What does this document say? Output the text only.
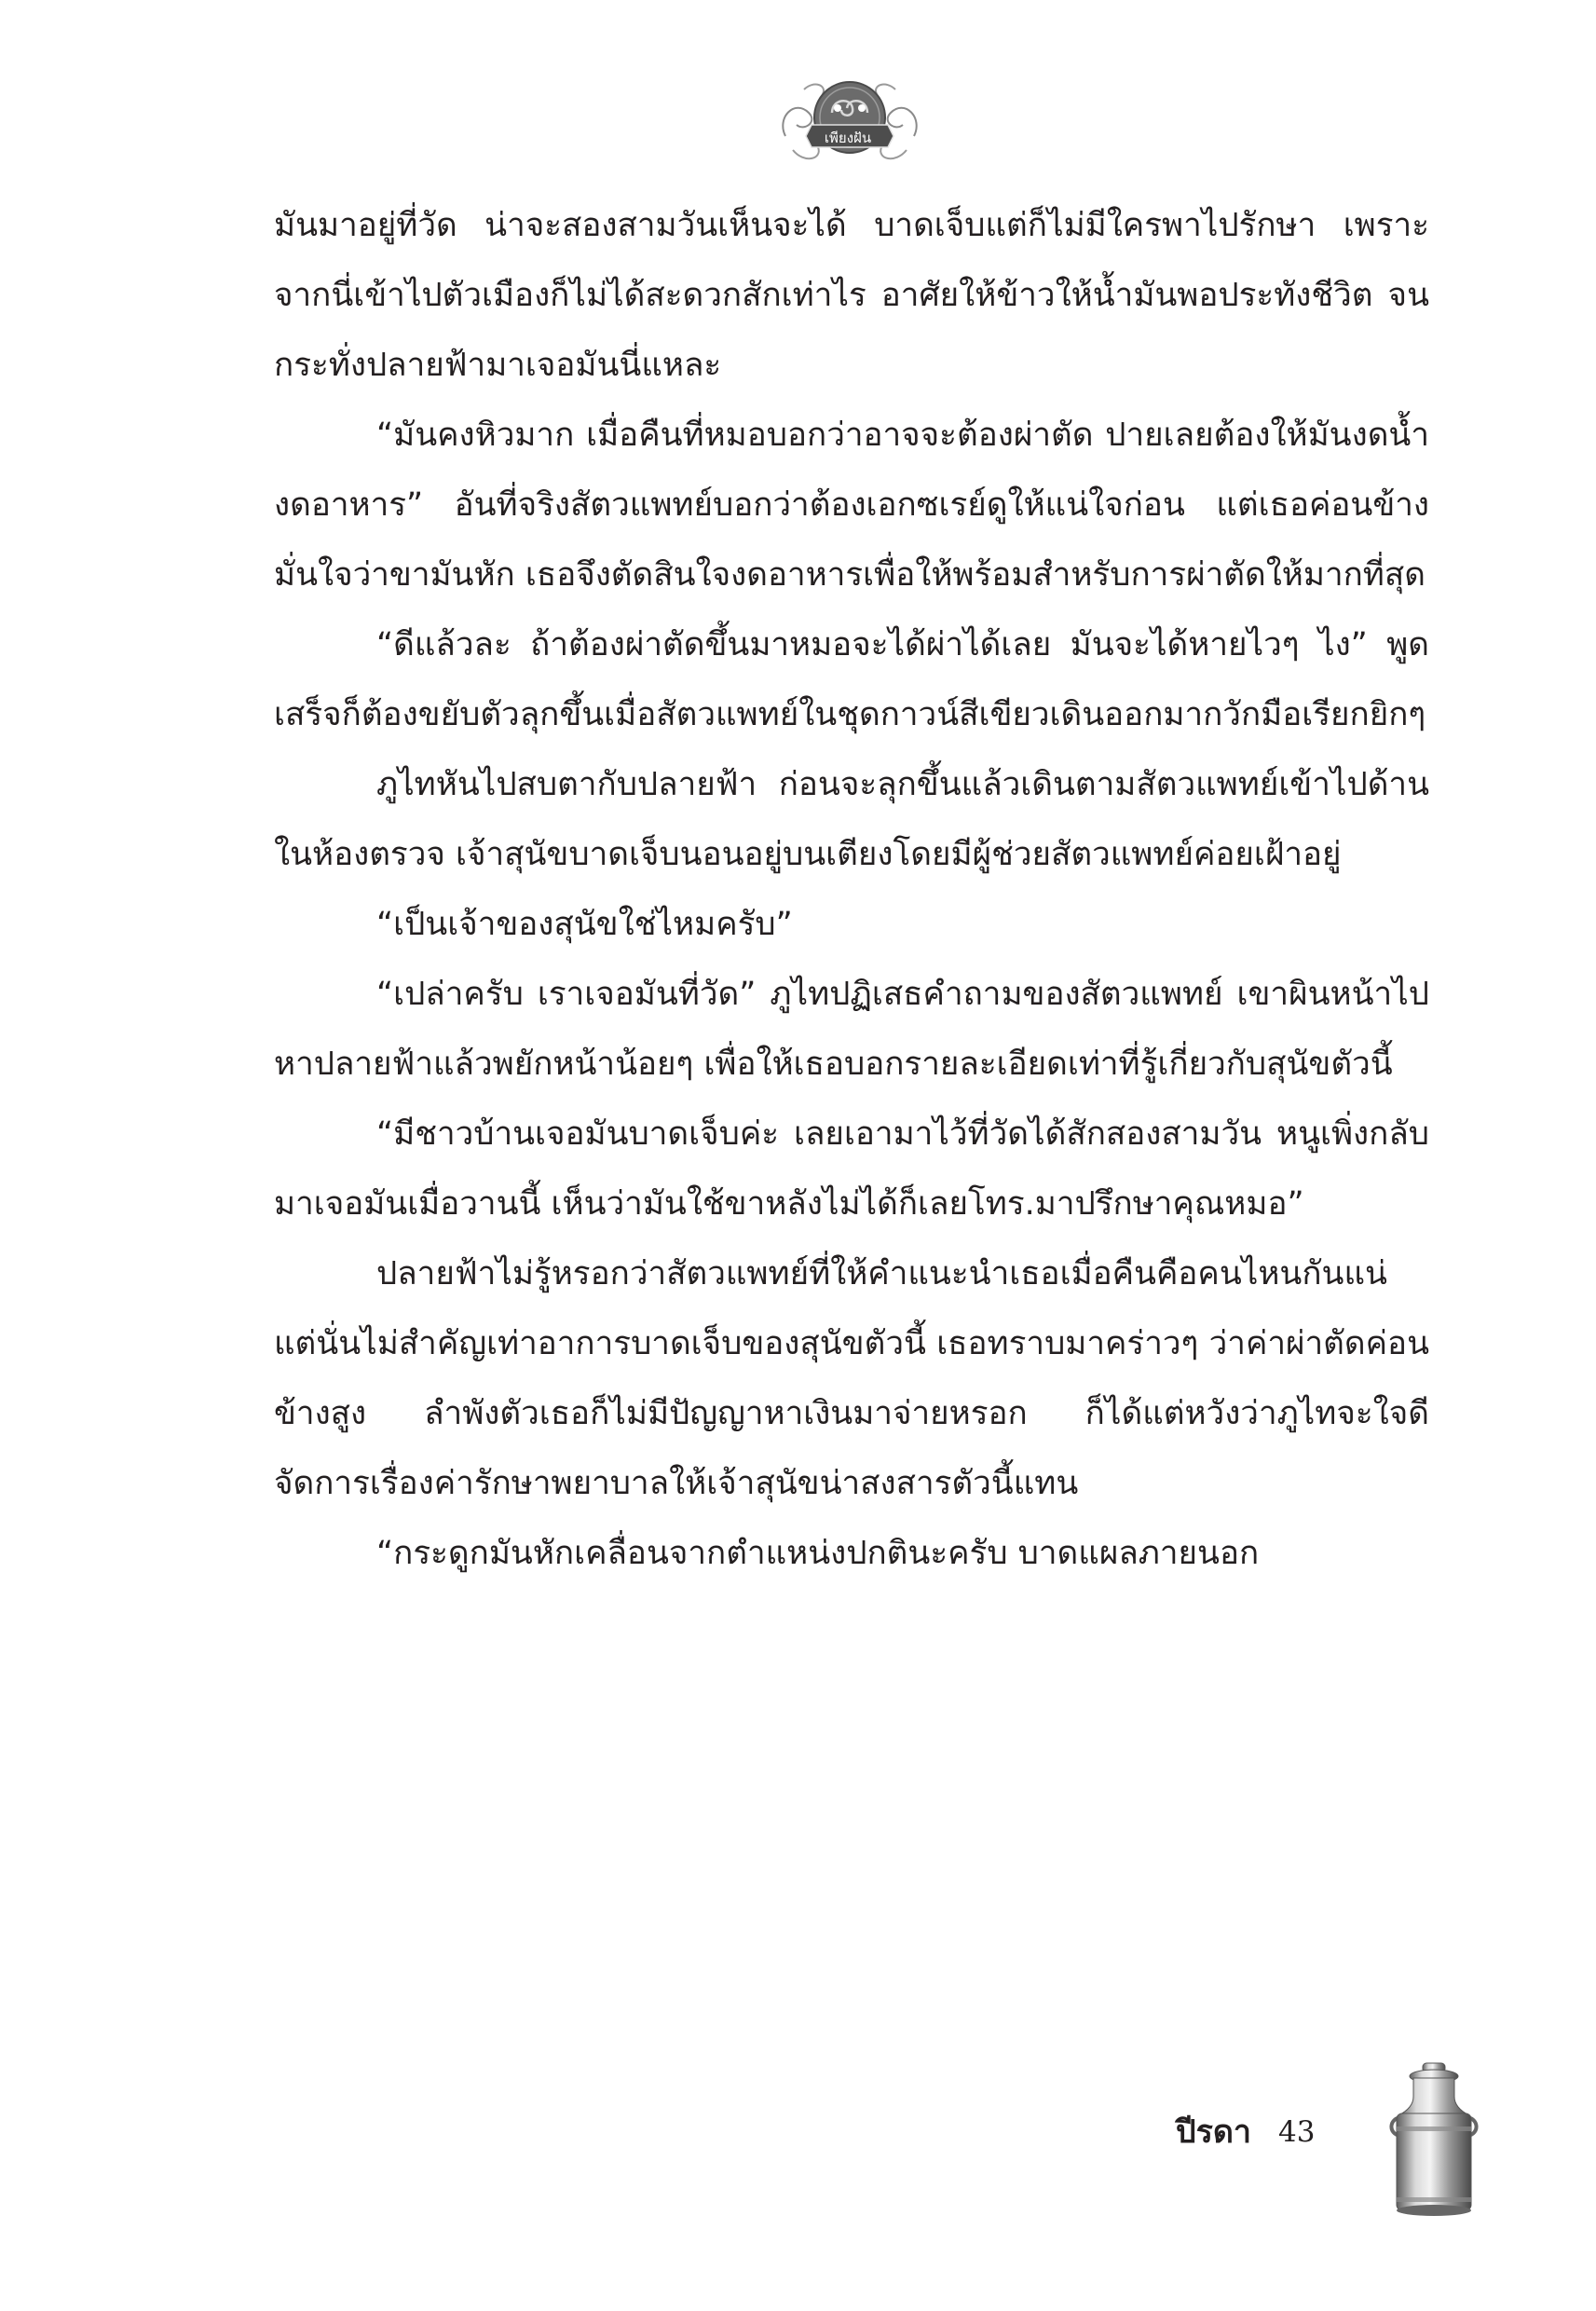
เพียงฝัน

มันมาอยู่ที่วัด น่าจะสองสามวันเห็นจะได้ บาดเจ็บแต่ก็ไม่มีใครพาไปรักษา เพราะจากนี่เข้าไปตัวเมืองก็ไม่ได้สะดวกสักเท่าไร อาศัยให้ข้าวให้น้ำมันพอประทังชีวิต จนกระทั่งปลายฟ้ามาเจอมันนี่แหละ

“มันคงหิวมาก เมื่อคืนที่หมอบอกว่าอาจจะต้องผ่าตัด ปายเลยต้องให้มันงดน้ำงดอาหาร” อันที่จริงสัตวแพทย์บอกว่าต้องเอกซเรย์ดูให้แน่ใจก่อน แต่เธอค่อนข้างมั่นใจว่าขามันหัก เธอจึงตัดสินใจงดอาหารเพื่อให้พร้อมสำหรับการผ่าตัดให้มากที่สุด

“ดีแล้วละ ถ้าต้องผ่าตัดขึ้นมาหมอจะได้ผ่าได้เลย มันจะได้หายไวๆ ไง” พูดเสร็จก็ต้องขยับตัวลุกขึ้นเมื่อสัตวแพทย์ในชุดกาวน์สีเขียวเดินออกมากวักมือเรียกยิกๆ

ภูไทหันไปสบตากับปลายฟ้า ก่อนจะลุกขึ้นแล้วเดินตามสัตวแพทย์เข้าไปด้านในห้องตรวจ เจ้าสุนัขบาดเจ็บนอนอยู่บนเตียงโดยมีผู้ช่วยสัตวแพทย์ค่อยเฝ้าอยู่

“เป็นเจ้าของสุนัขใช่ไหมครับ”

“เปล่าครับ เราเจอมันที่วัด” ภูไทปฏิเสธคำถามของสัตวแพทย์ เขาผินหน้าไปหาปลายฟ้าแล้วพยักหน้าน้อยๆ เพื่อให้เธอบอกรายละเอียดเท่าที่รู้เกี่ยวกับสุนัขตัวนี้

“มีชาวบ้านเจอมันบาดเจ็บค่ะ เลยเอามาไว้ที่วัดได้สักสองสามวัน หนูเพิ่งกลับมาเจอมันเมื่อวานนี้ เห็นว่ามันใช้ขาหลังไม่ได้ก็เลยโทร.มาปรึกษาคุณหมอ”

ปลายฟ้าไม่รู้หรอกว่าสัตวแพทย์ที่ให้คำแนะนำเธอเมื่อคืนคือคนไหนกันแน่ แต่นั่นไม่สำคัญเท่าอาการบาดเจ็บของสุนัขตัวนี้ เธอทราบมาคร่าวๆ ว่าค่าผ่าตัดค่อนข้างสูง ลำพังตัวเธอก็ไม่มีปัญญาหาเงินมาจ่ายหรอก ก็ได้แต่หวังว่าภูไทจะใจดีจัดการเรื่องค่ารักษาพยาบาลให้เจ้าสุนัขน่าสงสารตัวนี้แทน

“กระดูกมันหักเคลื่อนจากตำแหน่งปกตินะครับ บาดแผลภายนอก

ปีรดา 43
